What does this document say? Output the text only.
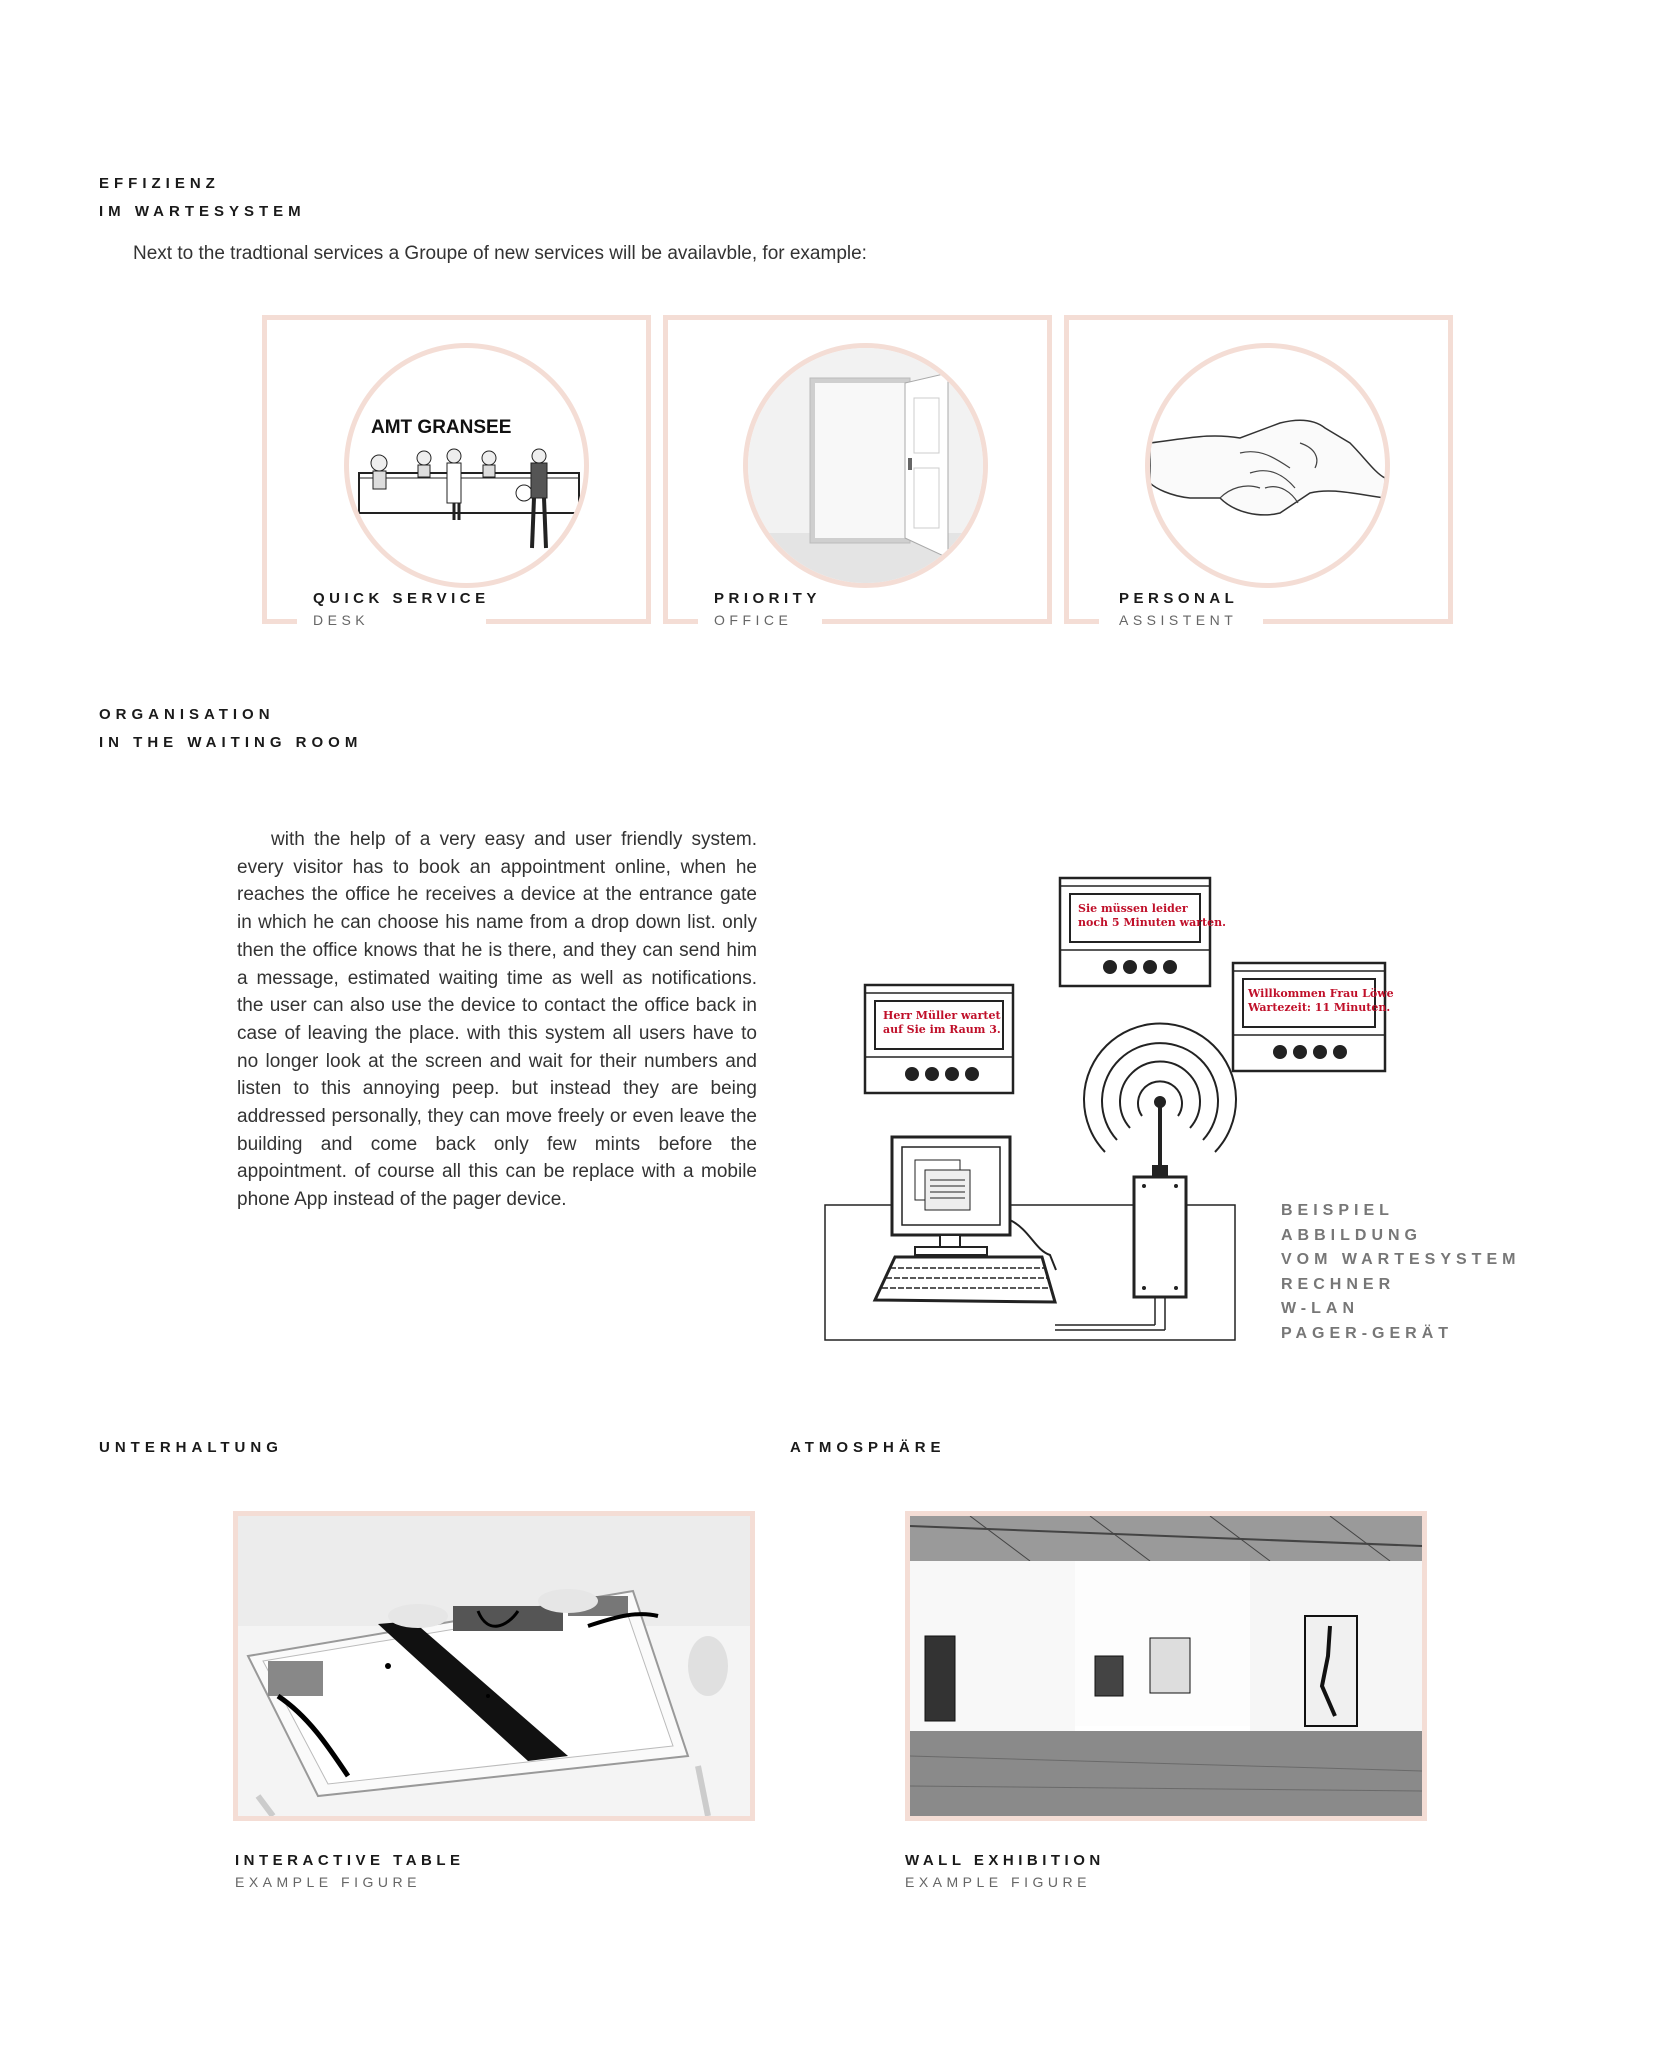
EFFIZIENZ
IM WARTESYSTEM
Next to the tradtional services a Groupe of new services will be availavble, for example:
AMT GRANSEE
QUICK SERVICE
DESK
PRIORITY
OFFICE
PERSONAL
ASSISTENT
ORGANISATION
IN THE WAITING ROOM
with the help of a very easy and user friendly system. every visitor has to book an appointment online, when he reaches the office he receives a device at the entrance gate in which he can choose his name from a drop down list. only then the office knows that he is there, and they can send him a message, estimated waiting time as well as notifications. the user can also use the device to contact the office back in case of leaving the place. with this system all users have to no longer look at the screen and wait for their numbers and listen to this annoying peep. but instead they are being addressed personally, they can move freely or even leave the building and come back only few mints before the appointment. of course all this can be replace with a mobile phone App instead of the pager device.
Sie müssen leider
noch 5 Minuten warten.
Herr Müller wartet
auf Sie im Raum 3.
Willkommen Frau Löwe
Wartezeit: 11 Minuten.
BEISPIEL
ABBILDUNG
VOM WARTESYSTEM
RECHNER
W-LAN
PAGER-GERÄT
UNTERHALTUNG	ATMOSPHÄRE
INTERACTIVE TABLE
EXAMPLE FIGURE
WALL EXHIBITION
EXAMPLE FIGURE
